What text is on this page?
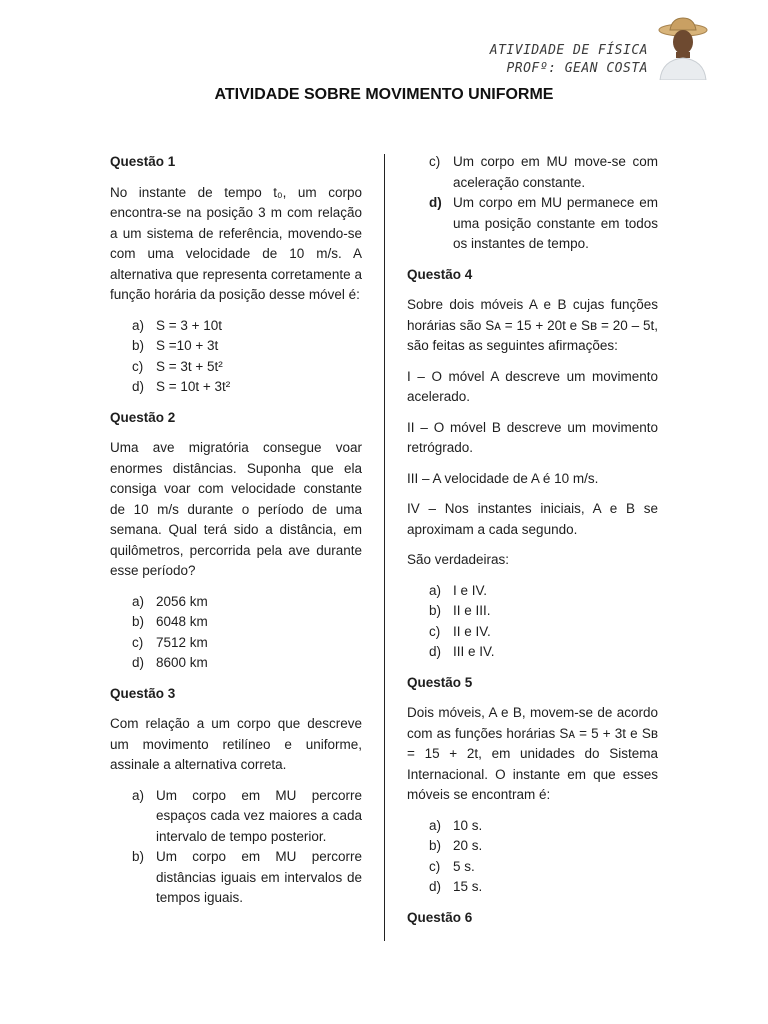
ATIVIDADE DE FÍSICA
PROFº: GEAN COSTA
ATIVIDADE SOBRE MOVIMENTO UNIFORME
Questão 1
No instante de tempo t₀, um corpo encontra-se na posição 3 m com relação a um sistema de referência, movendo-se com uma velocidade de 10 m/s. A alternativa que representa corretamente a função horária da posição desse móvel é:
a) S = 3 + 10t
b) S =10 + 3t
c) S = 3t + 5t²
d) S = 10t + 3t²
Questão 2
Uma ave migratória consegue voar enormes distâncias. Suponha que ela consiga voar com velocidade constante de 10 m/s durante o período de uma semana. Qual terá sido a distância, em quilômetros, percorrida pela ave durante esse período?
a) 2056 km
b) 6048 km
c) 7512 km
d) 8600 km
Questão 3
Com relação a um corpo que descreve um movimento retilíneo e uniforme, assinale a alternativa correta.
a) Um corpo em MU percorre espaços cada vez maiores a cada intervalo de tempo posterior.
b) Um corpo em MU percorre distâncias iguais em intervalos de tempos iguais.
c) Um corpo em MU move-se com aceleração constante.
d) Um corpo em MU permanece em uma posição constante em todos os instantes de tempo.
Questão 4
Sobre dois móveis A e B cujas funções horárias são Sᴀ = 15 + 20t e Sʙ = 20 – 5t, são feitas as seguintes afirmações:
I – O móvel A descreve um movimento acelerado.
II – O móvel B descreve um movimento retrógrado.
III – A velocidade de A é 10 m/s.
IV – Nos instantes iniciais, A e B se aproximam a cada segundo.
São verdadeiras:
a) I e IV.
b) II e III.
c) II e IV.
d) III e IV.
Questão 5
Dois móveis, A e B, movem-se de acordo com as funções horárias Sᴀ = 5 + 3t e Sʙ = 15 + 2t, em unidades do Sistema Internacional. O instante em que esses móveis se encontram é:
a) 10 s.
b) 20 s.
c) 5 s.
d) 15 s.
Questão 6
